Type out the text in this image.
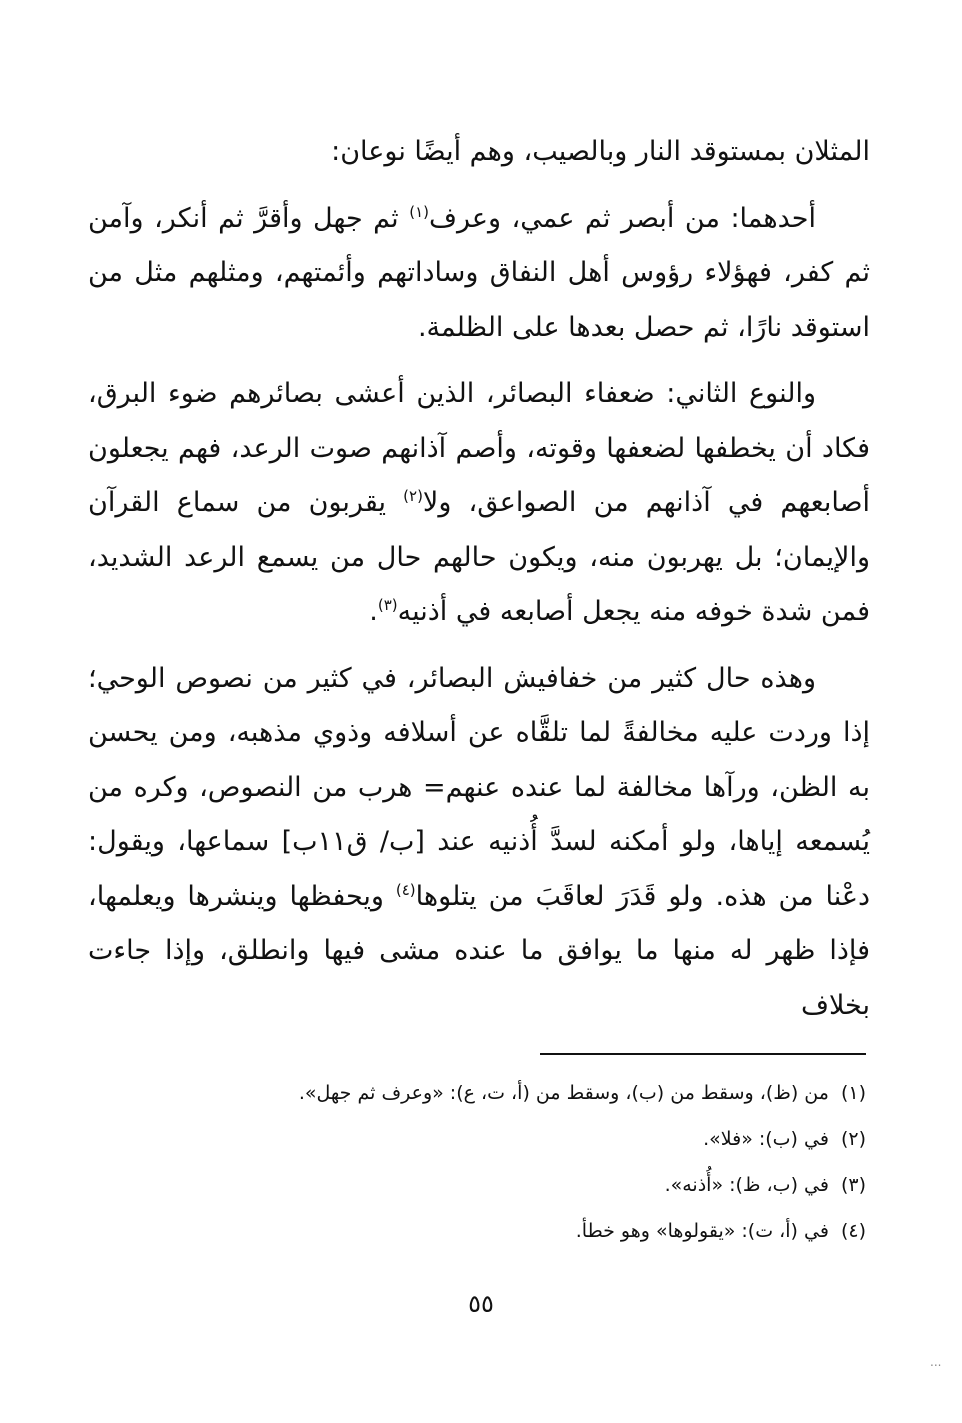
المثلان بمستوقد النار وبالصيب، وهم أيضًا نوعان:

أحدهما: من أبصر ثم عمي، وعرف$^{(١)}$ ثم جهل وأقرَّ ثم أنكر، وآمن ثم كفر، فهؤلاء رؤوس أهل النفاق وساداتهم وأئمتهم، ومثلهم مثل من استوقد نارًا، ثم حصل بعدها على الظلمة.

والنوع الثاني: ضعفاء البصائر، الذين أعشى بصائرهم ضوء البرق، فكاد أن يخطفها لضعفها وقوته، وأصم آذانهم صوت الرعد، فهم يجعلون أصابعهم في آذانهم من الصواعق، ولا$^{(٢)}$ يقربون من سماع القرآن والإيمان؛ بل يهربون منه، ويكون حالهم حال من يسمع الرعد الشديد، فمن شدة خوفه منه يجعل أصابعه في أذنيه$^{(٣)}$.

وهذه حال كثير من خفافيش البصائر، في كثير من نصوص الوحي؛ إذا وردت عليه مخالفةً لما تلقَّاه عن أسلافه وذوي مذهبه، ومن يحسن به الظن، ورآها مخالفة لما عنده عنهم= هرب من النصوص، وكره من يُسمعه إياها، ولو أمكنه لسدَّ أُذنيه عند [ب/ ق١١ب] سماعها، ويقول: دعْنا من هذه. ولو قَدَرَ لعاقَبَ من يتلوها$^{(٤)}$ ويحفظها وينشرها ويعلمها، فإذا ظهر له منها ما يوافق ما عنده مشى فيها وانطلق، وإذا جاءت بخلاف

(١)من (ظ)، وسقط من (ب)، وسقط من (أ، ت، ع): «وعرف ثم جهل».

(٢)في (ب): «فلا».

(٣)في (ب، ظ): «أُذنه».

(٤)في (أ، ت): «يقولوها» وهو خطأ.

٥٥
...
